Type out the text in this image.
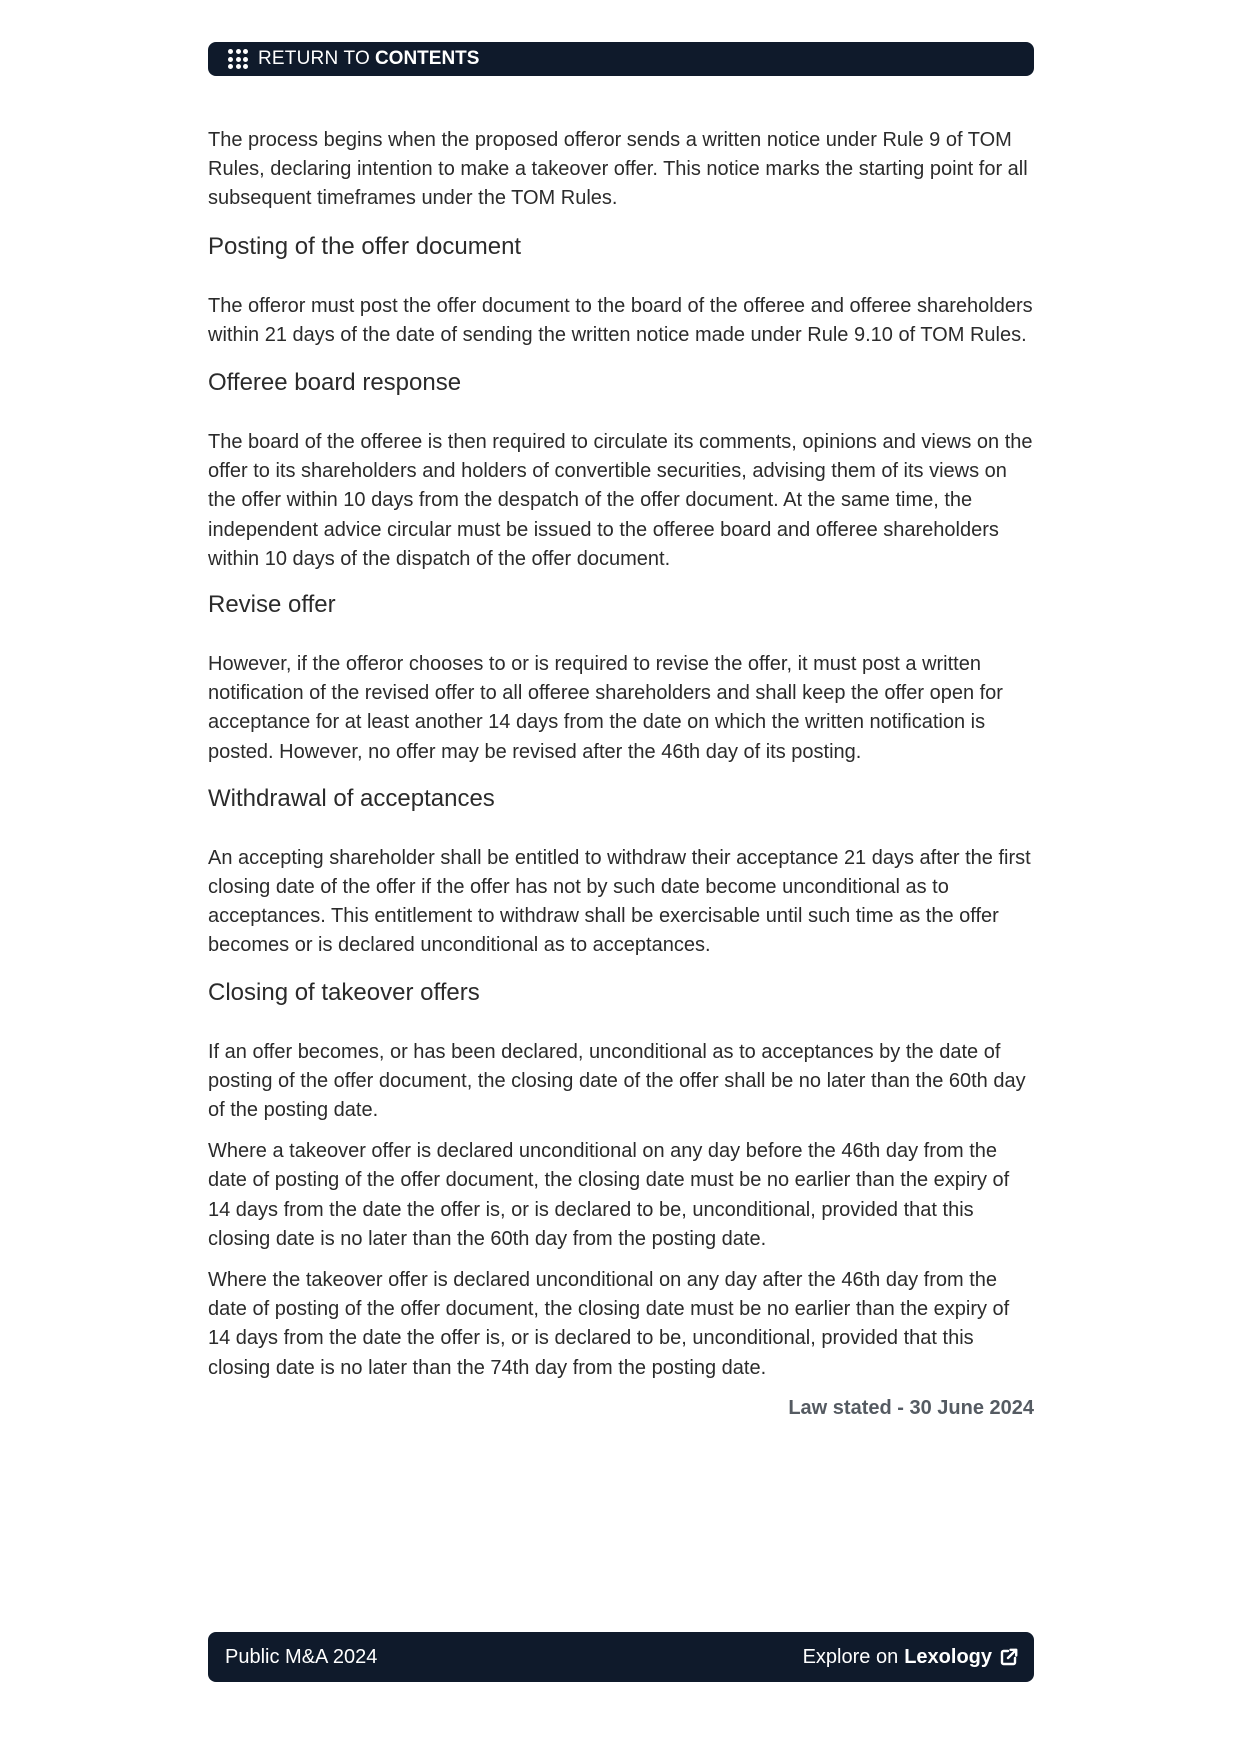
RETURN TO CONTENTS

The process begins when the proposed offeror sends a written notice under Rule 9 of TOM Rules, declaring intention to make a takeover offer. This notice marks the starting point for all subsequent timeframes under the TOM Rules.

Posting of the offer document

The offeror must post the offer document to the board of the offeree and offeree shareholders within 21 days of the date of sending the written notice made under Rule 9.10 of TOM Rules.

Offeree board response

The board of the offeree is then required to circulate its comments, opinions and views on the offer to its shareholders and holders of convertible securities, advising them of its views on the offer within 10 days from the despatch of the offer document. At the same time, the independent advice circular must be issued to the offeree board and offeree shareholders within 10 days of the dispatch of the offer document.

Revise offer

However, if the offeror chooses to or is required to revise the offer, it must post a written notification of the revised offer to all offeree shareholders and shall keep the offer open for acceptance for at least another 14 days from the date on which the written notification is posted. However, no offer may be revised after the 46th day of its posting.

Withdrawal of acceptances

An accepting shareholder shall be entitled to withdraw their acceptance 21 days after the first closing date of the offer if the offer has not by such date become unconditional as to acceptances. This entitlement to withdraw shall be exercisable until such time as the offer becomes or is declared unconditional as to acceptances.

Closing of takeover offers

If an offer becomes, or has been declared, unconditional as to acceptances by the date of posting of the offer document, the closing date of the offer shall be no later than the 60th day of the posting date.

Where a takeover offer is declared unconditional on any day before the 46th day from the date of posting of the offer document, the closing date must be no earlier than the expiry of 14 days from the date the offer is, or is declared to be, unconditional, provided that this closing date is no later than the 60th day from the posting date.

Where the takeover offer is declared unconditional on any day after the 46th day from the date of posting of the offer document, the closing date must be no earlier than the expiry of 14 days from the date the offer is, or is declared to be, unconditional, provided that this closing date is no later than the 74th day from the posting date.

Law stated - 30 June 2024
Public M&A 2024	Explore on Lexology
